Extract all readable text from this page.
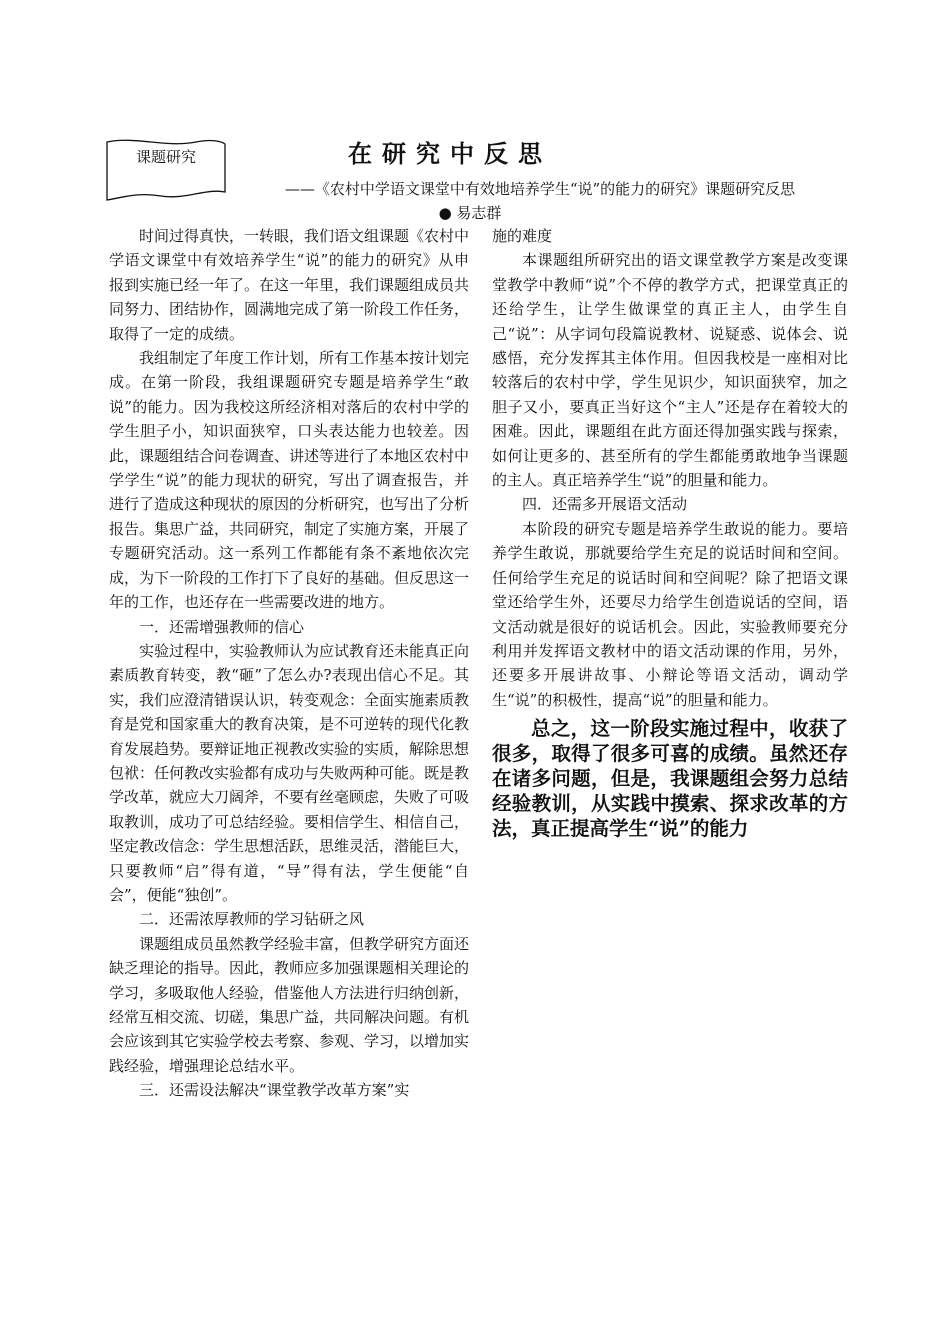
课题研究	在研究中反思
——《农村中学语文课堂中有效地培养学生“说”的能力的研究》课题研究反思
● 易志群

时间过得真快，一转眼，我们语文组课题《农村中学语文课堂中有效培养学生“说”的能力的研究》从申报到实施已经一年了。在这一年里，我们课题组成员共同努力、团结协作，圆满地完成了第一阶段工作任务，取得了一定的成绩。

我组制定了年度工作计划，所有工作基本按计划完成。在第一阶段，我组课题研究专题是培养学生“敢说”的能力。因为我校这所经济相对落后的农村中学的学生胆子小，知识面狭窄，口头表达能力也较差。因此，课题组结合问卷调查、讲述等进行了本地区农村中学学生“说”的能力现状的研究，写出了调查报告，并进行了造成这种现状的原因的分析研究，也写出了分析报告。集思广益，共同研究，制定了实施方案，开展了专题研究活动。这一系列工作都能有条不紊地依次完成，为下一阶段的工作打下了良好的基础。但反思这一年的工作，也还存在一些需要改进的地方。

一．还需增强教师的信心

实验过程中，实验教师认为应试教育还未能真正向素质教育转变，教“砸”了怎么办?表现出信心不足。其实，我们应澄清错误认识，转变观念：全面实施素质教育是党和国家重大的教育决策，是不可逆转的现代化教育发展趋势。要辩证地正视教改实验的实质，解除思想包袱：任何教改实验都有成功与失败两种可能。既是教学改革，就应大刀阔斧，不要有丝毫顾虑，失败了可吸取教训，成功了可总结经验。要相信学生、相信自己，坚定教改信念：学生思想活跃，思维灵活，潜能巨大，只要教师“启”得有道，“导”得有法，学生便能“自会”，便能“独创”。

二．还需浓厚教师的学习钻研之风

课题组成员虽然教学经验丰富，但教学研究方面还缺乏理论的指导。因此，教师应多加强课题相关理论的学习，多吸取他人经验，借鉴他人方法进行归纳创新，经常互相交流、切磋，集思广益，共同解决问题。有机会应该到其它实验学校去考察、参观、学习，以增加实践经验，增强理论总结水平。

三．还需设法解决“课堂教学改革方案”实

施的难度

本课题组所研究出的语文课堂教学方案是改变课堂教学中教师“说”个不停的教学方式，把课堂真正的还给学生，让学生做课堂的真正主人，由学生自己“说”：从字词句段篇说教材、说疑惑、说体会、说感悟，充分发挥其主体作用。但因我校是一座相对比较落后的农村中学，学生见识少，知识面狭窄，加之胆子又小，要真正当好这个“主人”还是存在着较大的困难。因此，课题组在此方面还得加强实践与探索，如何让更多的、甚至所有的学生都能勇敢地争当课题的主人。真正培养学生“说”的胆量和能力。

四．还需多开展语文活动

本阶段的研究专题是培养学生敢说的能力。要培养学生敢说，那就要给学生充足的说话时间和空间。任何给学生充足的说话时间和空间呢？除了把语文课堂还给学生外，还要尽力给学生创造说话的空间，语文活动就是很好的说话机会。因此，实验教师要充分利用并发挥语文教材中的语文活动课的作用，另外，还要多开展讲故事、小辩论等语文活动，调动学生“说”的积极性，提高“说”的胆量和能力。

总之，这一阶段实施过程中，收获了很多，取得了很多可喜的成绩。虽然还存在诸多问题，但是，我课题组会努力总结经验教训，从实践中摸索、探求改革的方法，真正提高学生“说”的能力
